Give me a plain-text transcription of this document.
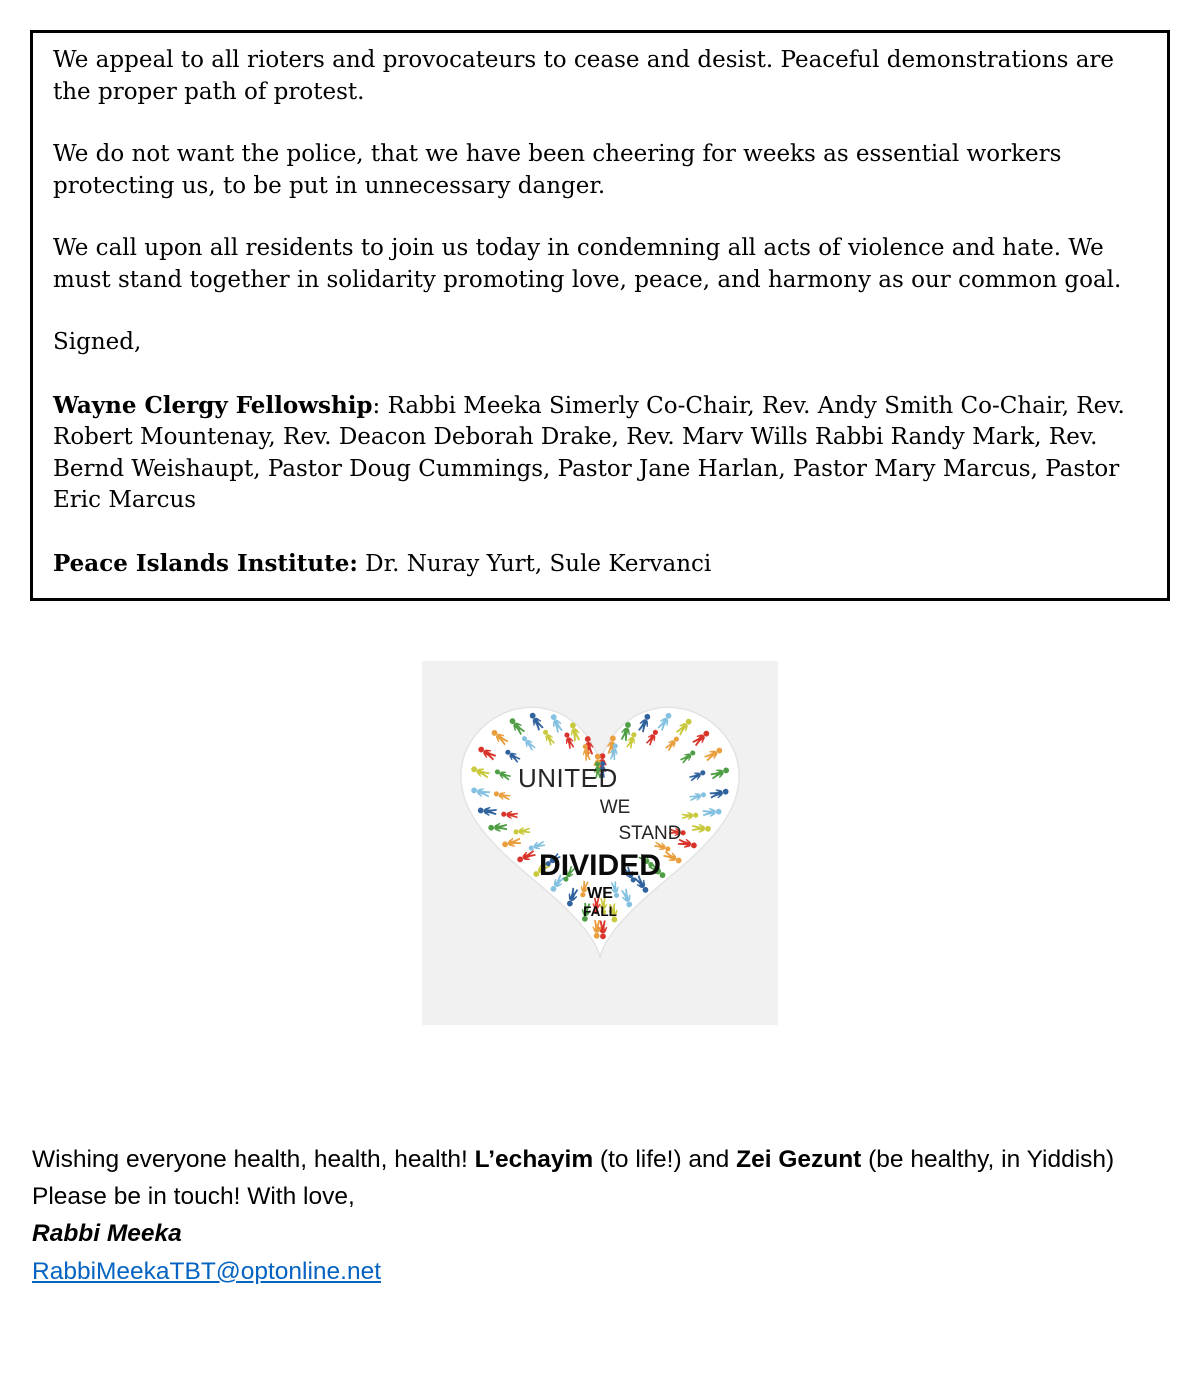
We appeal to all rioters and provocateurs to cease and desist. Peaceful demonstrations are the proper path of protest.

We do not want the police, that we have been cheering for weeks as essential workers protecting us, to be put in unnecessary danger.

We call upon all residents to join us today in condemning all acts of violence and hate. We must stand together in solidarity promoting love, peace, and harmony as our common goal.

Signed,

Wayne Clergy Fellowship: Rabbi Meeka Simerly Co-Chair, Rev. Andy Smith Co-Chair, Rev. Robert Mountenay, Rev. Deacon Deborah Drake, Rev. Marv Wills Rabbi Randy Mark, Rev. Bernd Weishaupt, Pastor Doug Cummings, Pastor Jane Harlan, Pastor Mary Marcus, Pastor Eric Marcus

Peace Islands Institute: Dr. Nuray Yurt, Sule Kervanci

UNITED
WE
STAND
DIVIDED
WE
FALL

Wishing everyone health, health, health! L’echayim (to life!) and Zei Gezunt (be healthy, in Yiddish)

Please be in touch! With love,

Rabbi Meeka

RabbiMeekaTBT@optonline.net
